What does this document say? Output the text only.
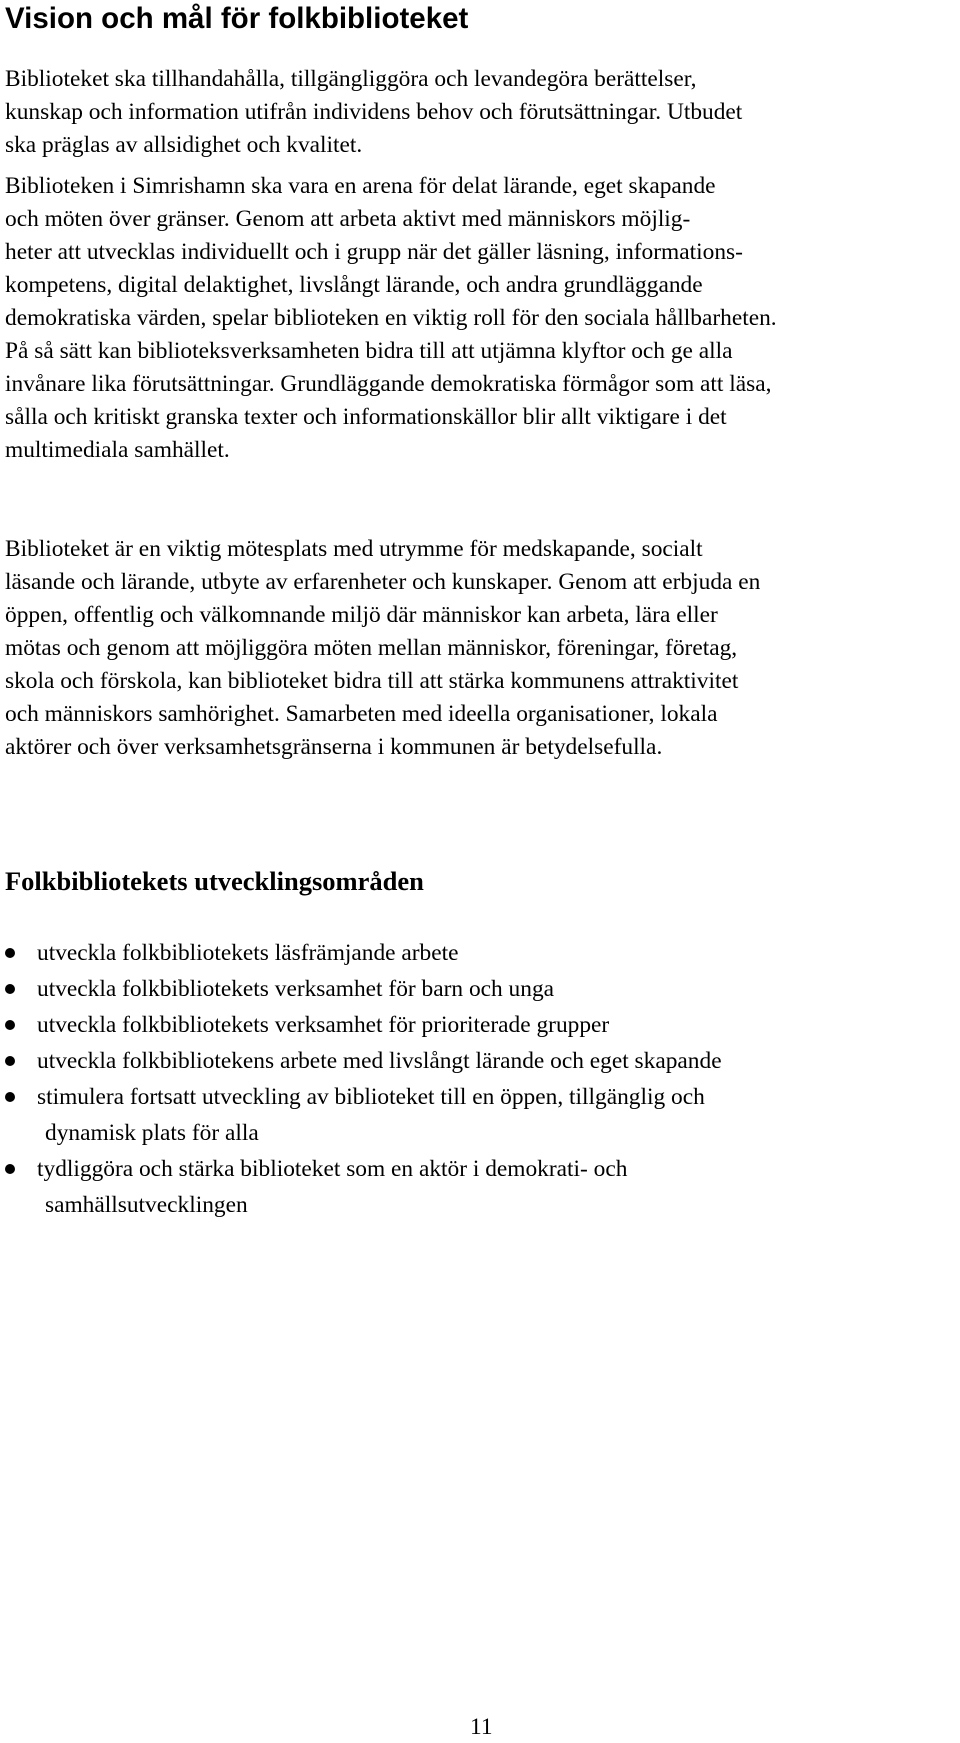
Vision och mål för folkbiblioteket

Biblioteket ska tillhandahålla, tillgängliggöra och levandegöra berättelser,
kunskap och information utifrån individens behov och förutsättningar. Utbudet
ska präglas av allsidighet och kvalitet.

Biblioteken i Simrishamn ska vara en arena för delat lärande, eget skapande
och möten över gränser. Genom att arbeta aktivt med människors möjlig-
heter att utvecklas individuellt och i grupp när det gäller läsning, informations-
kompetens, digital delaktighet, livslångt lärande, och andra grundläggande
demokratiska värden, spelar biblioteken en viktig roll för den sociala hållbarheten.
På så sätt kan biblioteksverksamheten bidra till att utjämna klyftor och ge alla
invånare lika förutsättningar. Grundläggande demokratiska förmågor som att läsa,
sålla och kritiskt granska texter och informationskällor blir allt viktigare i det
multimediala samhället.

Biblioteket är en viktig mötesplats med utrymme för medskapande, socialt
läsande och lärande, utbyte av erfarenheter och kunskaper. Genom att erbjuda en
öppen, offentlig och välkomnande miljö där människor kan arbeta, lära eller
mötas och genom att möjliggöra möten mellan människor, föreningar, företag,
skola och förskola, kan biblioteket bidra till att stärka kommunens attraktivitet
och människors samhörighet. Samarbeten med ideella organisationer, lokala
aktörer och över verksamhetsgränserna i kommunen är betydelsefulla.

Folkbibliotekets utvecklingsområden
utveckla folkbibliotekets läsfrämjande arbete
utveckla folkbibliotekets verksamhet för barn och unga
utveckla folkbibliotekets verksamhet för prioriterade grupper
utveckla folkbibliotekens arbete med livslångt lärande och eget skapande
stimulera fortsatt utveckling av biblioteket till en öppen, tillgänglig och
dynamisk plats för alla
tydliggöra och stärka biblioteket som en aktör i demokrati- och
samhällsutvecklingen
11
